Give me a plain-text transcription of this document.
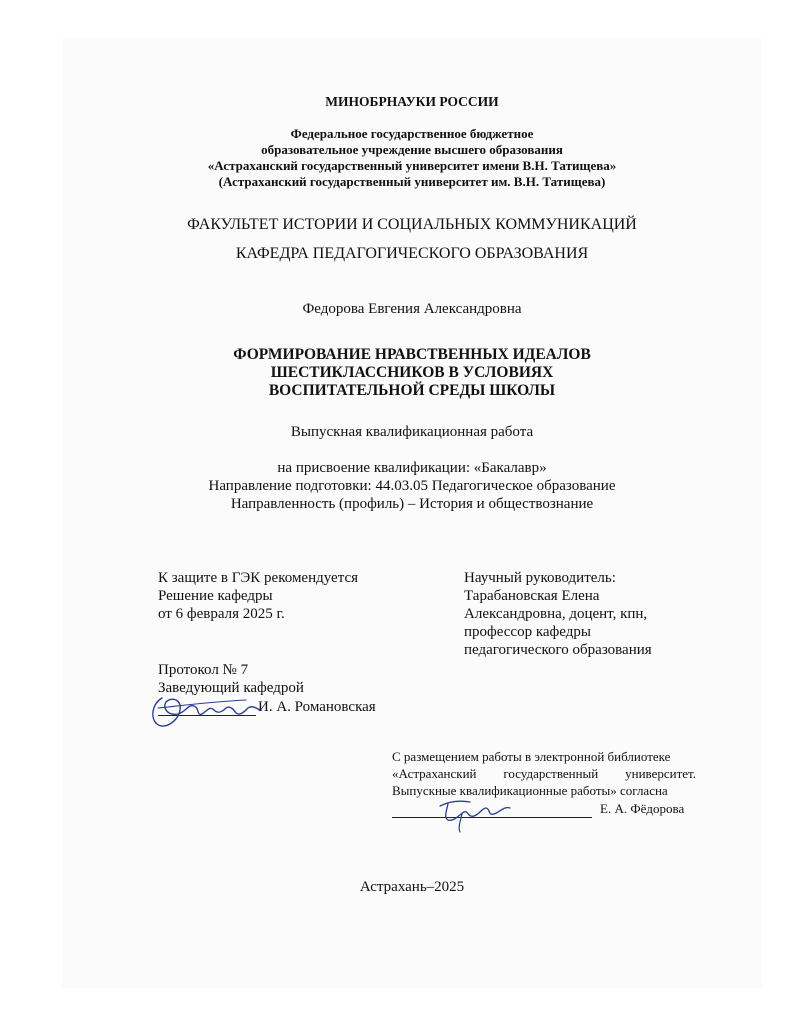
МИНОБРНАУКИ РОССИИ
Федеральное государственное бюджетное
образовательное учреждение высшего образования
«Астраханский государственный университет имени В.Н. Татищева»
(Астраханский государственный университет им. В.Н. Татищева)
ФАКУЛЬТЕТ ИСТОРИИ И СОЦИАЛЬНЫХ КОММУНИКАЦИЙ
КАФЕДРА ПЕДАГОГИЧЕСКОГО ОБРАЗОВАНИЯ
Федорова Евгения Александровна
ФОРМИРОВАНИЕ НРАВСТВЕННЫХ ИДЕАЛОВ
ШЕСТИКЛАССНИКОВ В УСЛОВИЯХ
ВОСПИТАТЕЛЬНОЙ СРЕДЫ ШКОЛЫ
Выпускная квалификационная работа
на присвоение квалификации: «Бакалавр»
Направление подготовки: 44.03.05 Педагогическое образование
Направленность (профиль) – История и обществознание
К защите в ГЭК рекомендуется
Решение кафедры
от 6 февраля 2025 г.
Протокол № 7
Заведующий кафедрой
И. А. Романовская
Научный руководитель:
Тарабановская Елена
Александровна, доцент, кпн,
профессор кафедры
педагогического образования
С размещением работы в электронной библиотеке
«Астраханский государственный университет.
Выпускные квалификационные работы» согласна
Е. А. Фёдорова
Астрахань–2025
